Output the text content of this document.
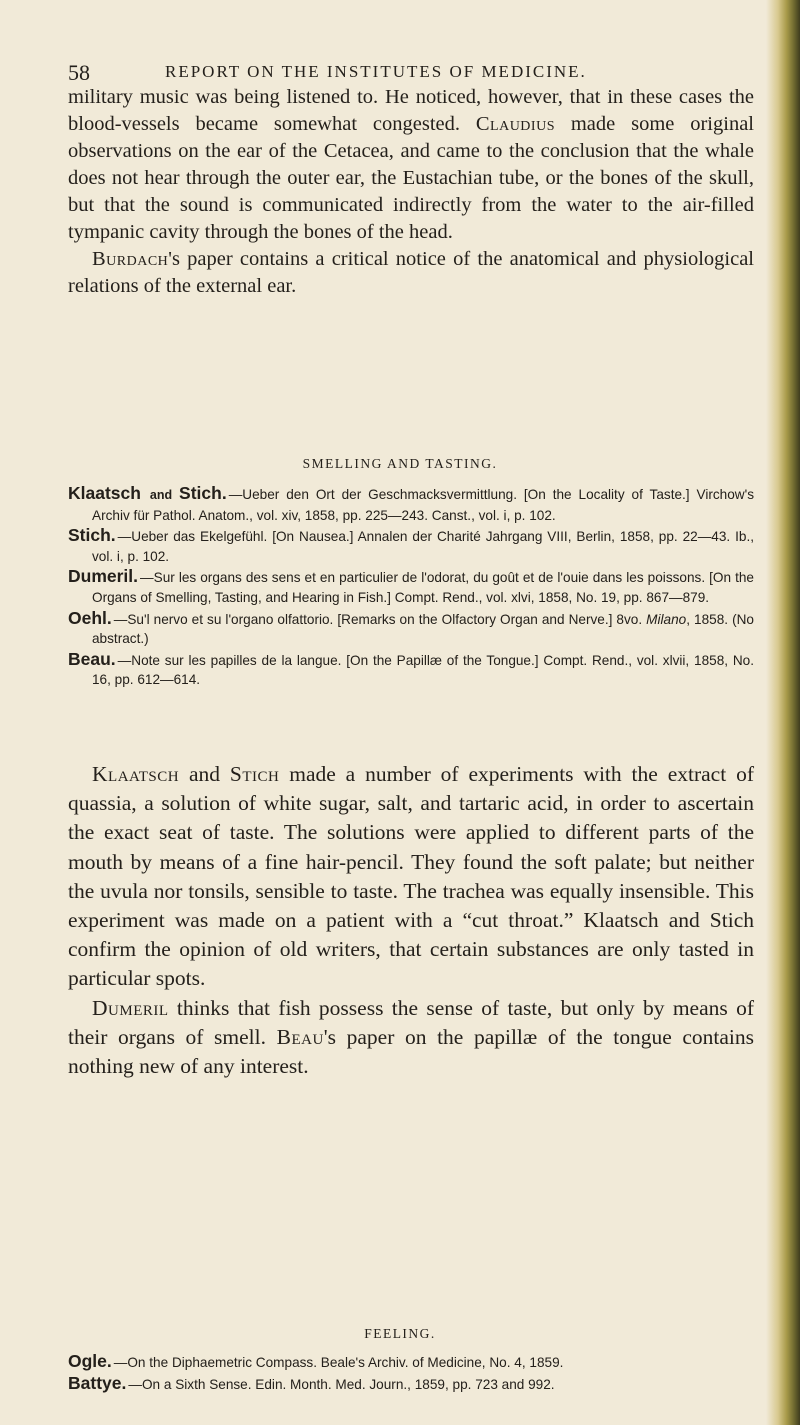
58	REPORT ON THE INSTITUTES OF MEDICINE.

military music was being listened to. He noticed, however, that in these cases the blood-vessels became somewhat congested. Claudius made some original observations on the ear of the Cetacea, and came to the conclusion that the whale does not hear through the outer ear, the Eustachian tube, or the bones of the skull, but that the sound is communicated indirectly from the water to the air-filled tympanic cavity through the bones of the head.

Burdach's paper contains a critical notice of the anatomical and physiological relations of the external ear.

SMELLING AND TASTING.

Klaatsch and Stich. —Ueber den Ort der Geschmacksvermittlung. [On the Locality of Taste.] Virchow's Archiv für Pathol. Anatom., vol. xiv, 1858, pp. 225—243. Canst., vol. i, p. 102.

Stich. —Ueber das Ekelgefühl. [On Nausea.] Annalen der Charité Jahrgang VIII, Berlin, 1858, pp. 22—43. Ib., vol. i, p. 102.

Dumeril. —Sur les organs des sens et en particulier de l'odorat, du goût et de l'ouie dans les poissons. [On the Organs of Smelling, Tasting, and Hearing in Fish.] Compt. Rend., vol. xlvi, 1858, No. 19, pp. 867—879.

Oehl. —Su'l nervo et su l'organo olfattorio. [Remarks on the Olfactory Organ and Nerve.] 8vo. Milano, 1858. (No abstract.)

Beau. —Note sur les papilles de la langue. [On the Papillæ of the Tongue.] Compt. Rend., vol. xlvii, 1858, No. 16, pp. 612—614.

Klaatsch and Stich made a number of experiments with the extract of quassia, a solution of white sugar, salt, and tartaric acid, in order to ascertain the exact seat of taste. The solutions were applied to different parts of the mouth by means of a fine hair-pencil. They found the soft palate; but neither the uvula nor tonsils, sensible to taste. The trachea was equally insensible. This experiment was made on a patient with a “cut throat.” Klaatsch and Stich confirm the opinion of old writers, that certain substances are only tasted in particular spots.

Dumeril thinks that fish possess the sense of taste, but only by means of their organs of smell. Beau's paper on the papillæ of the tongue contains nothing new of any interest.

FEELING.

Ogle. —On the Diphaemetric Compass. Beale's Archiv. of Medicine, No. 4, 1859.

Battye. —On a Sixth Sense. Edin. Month. Med. Journ., 1859, pp. 723 and 992.
